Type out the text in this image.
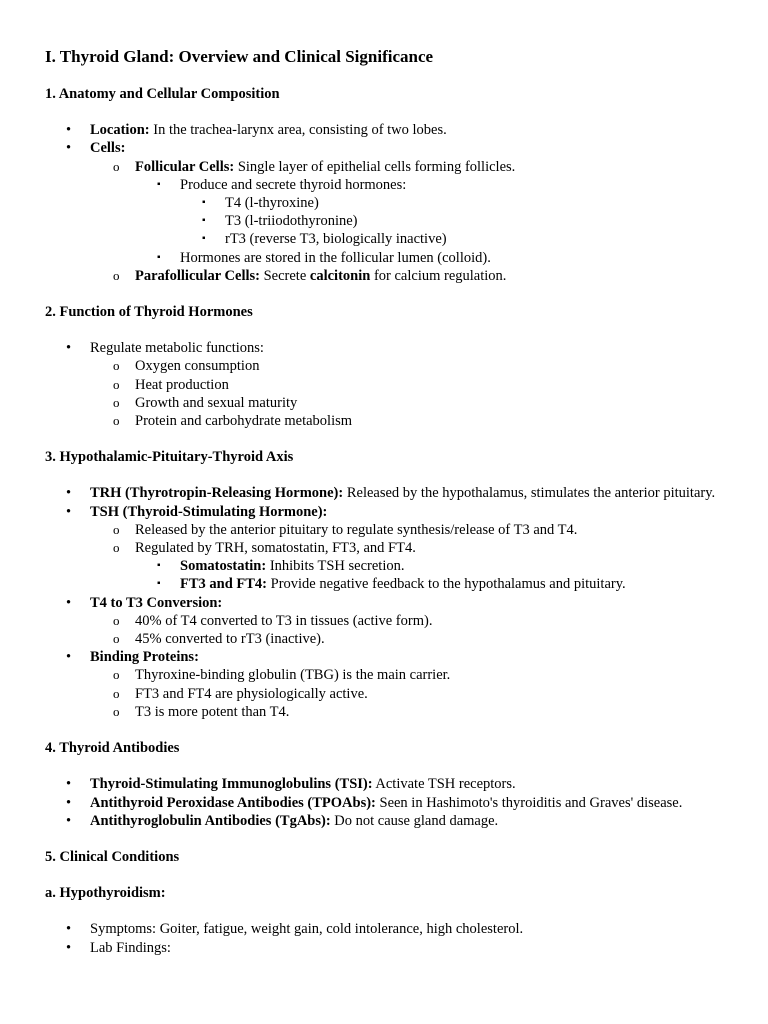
I. Thyroid Gland: Overview and Clinical Significance
1. Anatomy and Cellular Composition
•	Location: In the trachea-larynx area, consisting of two lobes.
•	Cells:
o	Follicular Cells: Single layer of epithelial cells forming follicles.
▪	Produce and secrete thyroid hormones:
▪	T4 (l-thyroxine)
▪	T3 (l-triiodothyronine)
▪	rT3 (reverse T3, biologically inactive)
▪	Hormones are stored in the follicular lumen (colloid).
o	Parafollicular Cells: Secrete calcitonin for calcium regulation.
2. Function of Thyroid Hormones
•	Regulate metabolic functions:
o	Oxygen consumption
o	Heat production
o	Growth and sexual maturity
o	Protein and carbohydrate metabolism
3. Hypothalamic-Pituitary-Thyroid Axis
•	TRH (Thyrotropin-Releasing Hormone): Released by the hypothalamus, stimulates the anterior pituitary.
•	TSH (Thyroid-Stimulating Hormone):
o	Released by the anterior pituitary to regulate synthesis/release of T3 and T4.
o	Regulated by TRH, somatostatin, FT3, and FT4.
▪	Somatostatin: Inhibits TSH secretion.
▪	FT3 and FT4: Provide negative feedback to the hypothalamus and pituitary.
•	T4 to T3 Conversion:
o	40% of T4 converted to T3 in tissues (active form).
o	45% converted to rT3 (inactive).
•	Binding Proteins:
o	Thyroxine-binding globulin (TBG) is the main carrier.
o	FT3 and FT4 are physiologically active.
o	T3 is more potent than T4.
4. Thyroid Antibodies
•	Thyroid-Stimulating Immunoglobulins (TSI): Activate TSH receptors.
•	Antithyroid Peroxidase Antibodies (TPOAbs): Seen in Hashimoto's thyroiditis and Graves' disease.
•	Antithyroglobulin Antibodies (TgAbs): Do not cause gland damage.
5. Clinical Conditions
a. Hypothyroidism:
•	Symptoms: Goiter, fatigue, weight gain, cold intolerance, high cholesterol.
•	Lab Findings:
